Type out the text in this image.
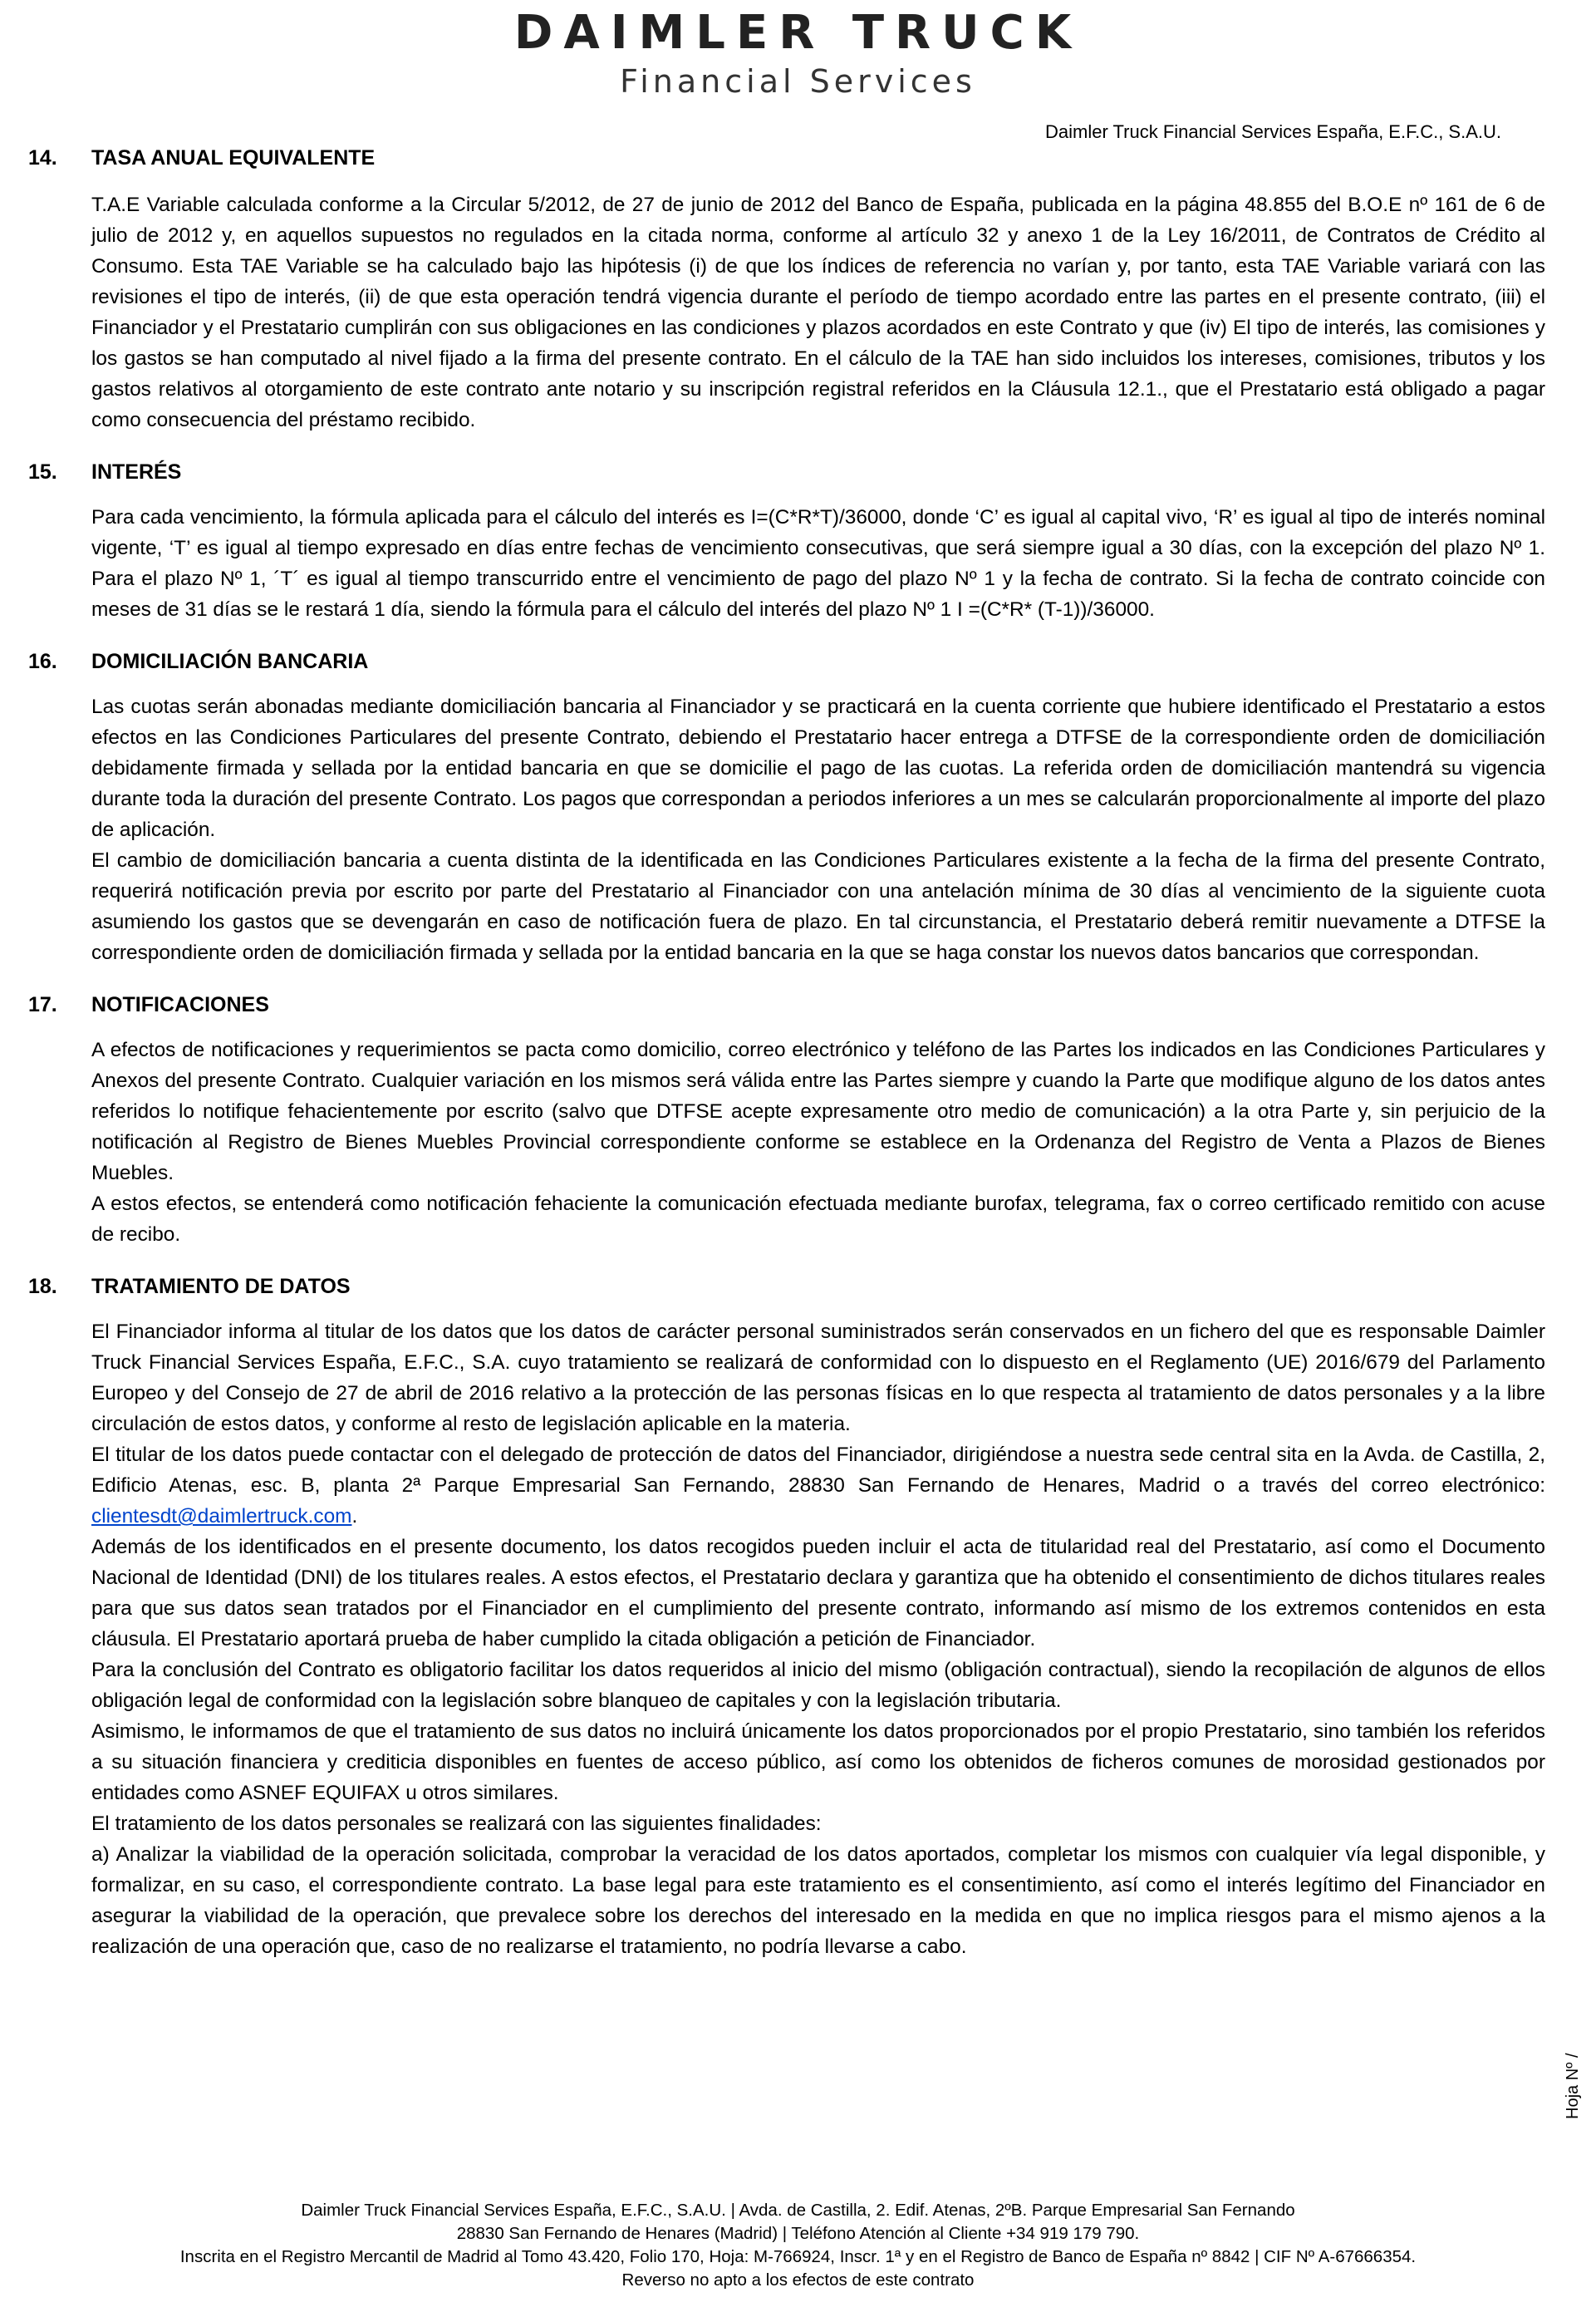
DAIMLER TRUCK
Financial Services
Daimler Truck Financial Services España, E.F.C., S.A.U.
14.	TASA ANUAL EQUIVALENTE

T.A.E Variable calculada conforme a la Circular 5/2012, de 27 de junio de 2012 del Banco de España, publicada en la página 48.855 del B.O.E nº 161 de 6 de julio de 2012 y, en aquellos supuestos no regulados en la citada norma, conforme al artículo 32 y anexo 1 de la Ley 16/2011, de Contratos de Crédito al Consumo. Esta TAE Variable se ha calculado bajo las hipótesis (i) de que los índices de referencia no varían y, por tanto, esta TAE Variable variará con las revisiones el tipo de interés, (ii) de que esta operación tendrá vigencia durante el período de tiempo acordado entre las partes en el presente contrato, (iii) el Financiador y el Prestatario cumplirán con sus obligaciones en las condiciones y plazos acordados en este Contrato y que (iv) El tipo de interés, las comisiones y los gastos se han computado al nivel fijado a la firma del presente contrato. En el cálculo de la TAE han sido incluidos los intereses, comisiones, tributos y los gastos relativos al otorgamiento de este contrato ante notario y su inscripción registral referidos en la Cláusula 12.1., que el Prestatario está obligado a pagar como consecuencia del préstamo recibido.

15.	INTERÉS

Para cada vencimiento, la fórmula aplicada para el cálculo del interés es I=(C*R*T)/36000, donde ‘C’ es igual al capital vivo, ‘R’ es igual al tipo de interés nominal vigente, ‘T’ es igual al tiempo expresado en días entre fechas de vencimiento consecutivas, que será siempre igual a 30 días, con la excepción del plazo Nº 1. Para el plazo Nº 1, ´T´ es igual al tiempo transcurrido entre el vencimiento de pago del plazo Nº 1 y la fecha de contrato. Si la fecha de contrato coincide con meses de 31 días se le restará 1 día, siendo la fórmula para el cálculo del interés del plazo Nº 1 I =(C*R* (T-1))/36000.

16.	DOMICILIACIÓN BANCARIA

Las cuotas serán abonadas mediante domiciliación bancaria al Financiador y se practicará en la cuenta corriente que hubiere identificado el Prestatario a estos efectos en las Condiciones Particulares del presente Contrato, debiendo el Prestatario hacer entrega a DTFSE de la correspondiente orden de domiciliación debidamente firmada y sellada por la entidad bancaria en que se domicilie el pago de las cuotas. La referida orden de domiciliación mantendrá su vigencia durante toda la duración del presente Contrato. Los pagos que correspondan a periodos inferiores a un mes se calcularán proporcionalmente al importe del plazo de aplicación.

El cambio de domiciliación bancaria a cuenta distinta de la identificada en las Condiciones Particulares existente a la fecha de la firma del presente Contrato, requerirá notificación previa por escrito por parte del Prestatario al Financiador con una antelación mínima de 30 días al vencimiento de la siguiente cuota asumiendo los gastos que se devengarán en caso de notificación fuera de plazo. En tal circunstancia, el Prestatario deberá remitir nuevamente a DTFSE la correspondiente orden de domiciliación firmada y sellada por la entidad bancaria en la que se haga constar los nuevos datos bancarios que correspondan.

17.	NOTIFICACIONES

A efectos de notificaciones y requerimientos se pacta como domicilio, correo electrónico y teléfono de las Partes los indicados en las Condiciones Particulares y Anexos del presente Contrato. Cualquier variación en los mismos será válida entre las Partes siempre y cuando la Parte que modifique alguno de los datos antes referidos lo notifique fehacientemente por escrito (salvo que DTFSE acepte expresamente otro medio de comunicación) a la otra Parte y, sin perjuicio de la notificación al Registro de Bienes Muebles Provincial correspondiente conforme se establece en la Ordenanza del Registro de Venta a Plazos de Bienes Muebles.

A estos efectos, se entenderá como notificación fehaciente la comunicación efectuada mediante burofax, telegrama, fax o correo certificado remitido con acuse de recibo.

18.	TRATAMIENTO DE DATOS

El Financiador informa al titular de los datos que los datos de carácter personal suministrados serán conservados en un fichero del que es responsable Daimler Truck Financial Services España, E.F.C., S.A. cuyo tratamiento se realizará de conformidad con lo dispuesto en el Reglamento (UE) 2016/679 del Parlamento Europeo y del Consejo de 27 de abril de 2016 relativo a la protección de las personas físicas en lo que respecta al tratamiento de datos personales y a la libre circulación de estos datos, y conforme al resto de legislación aplicable en la materia.

El titular de los datos puede contactar con el delegado de protección de datos del Financiador, dirigiéndose a nuestra sede central sita en la Avda. de Castilla, 2, Edificio Atenas, esc. B, planta 2ª Parque Empresarial San Fernando, 28830 San Fernando de Henares, Madrid o a través del correo electrónico: clientesdt@daimlertruck.com.

Además de los identificados en el presente documento, los datos recogidos pueden incluir el acta de titularidad real del Prestatario, así como el Documento Nacional de Identidad (DNI) de los titulares reales. A estos efectos, el Prestatario declara y garantiza que ha obtenido el consentimiento de dichos titulares reales para que sus datos sean tratados por el Financiador en el cumplimiento del presente contrato, informando así mismo de los extremos contenidos en esta cláusula. El Prestatario aportará prueba de haber cumplido la citada obligación a petición de Financiador.

Para la conclusión del Contrato es obligatorio facilitar los datos requeridos al inicio del mismo (obligación contractual), siendo la recopilación de algunos de ellos obligación legal de conformidad con la legislación sobre blanqueo de capitales y con la legislación tributaria.

Asimismo, le informamos de que el tratamiento de sus datos no incluirá únicamente los datos proporcionados por el propio Prestatario, sino también los referidos a su situación financiera y crediticia disponibles en fuentes de acceso público, así como los obtenidos de ficheros comunes de morosidad gestionados por entidades como ASNEF EQUIFAX u otros similares.

El tratamiento de los datos personales se realizará con las siguientes finalidades:

a) Analizar la viabilidad de la operación solicitada, comprobar la veracidad de los datos aportados, completar los mismos con cualquier vía legal disponible, y formalizar, en su caso, el correspondiente contrato. La base legal para este tratamiento es el consentimiento, así como el interés legítimo del Financiador en asegurar la viabilidad de la operación, que prevalece sobre los derechos del interesado en la medida en que no implica riesgos para el mismo ajenos a la realización de una operación que, caso de no realizarse el tratamiento, no podría llevarse a cabo.

Hoja Nº /
Daimler Truck Financial Services España, E.F.C., S.A.U. | Avda. de Castilla, 2. Edif. Atenas, 2ºB. Parque Empresarial San Fernando
28830 San Fernando de Henares (Madrid) | Teléfono Atención al Cliente +34 919 179 790.
Inscrita en el Registro Mercantil de Madrid al Tomo 43.420, Folio 170, Hoja: M-766924, Inscr. 1ª y en el Registro de Banco de España nº 8842 | CIF Nº A-67666354.
Reverso no apto a los efectos de este contrato
